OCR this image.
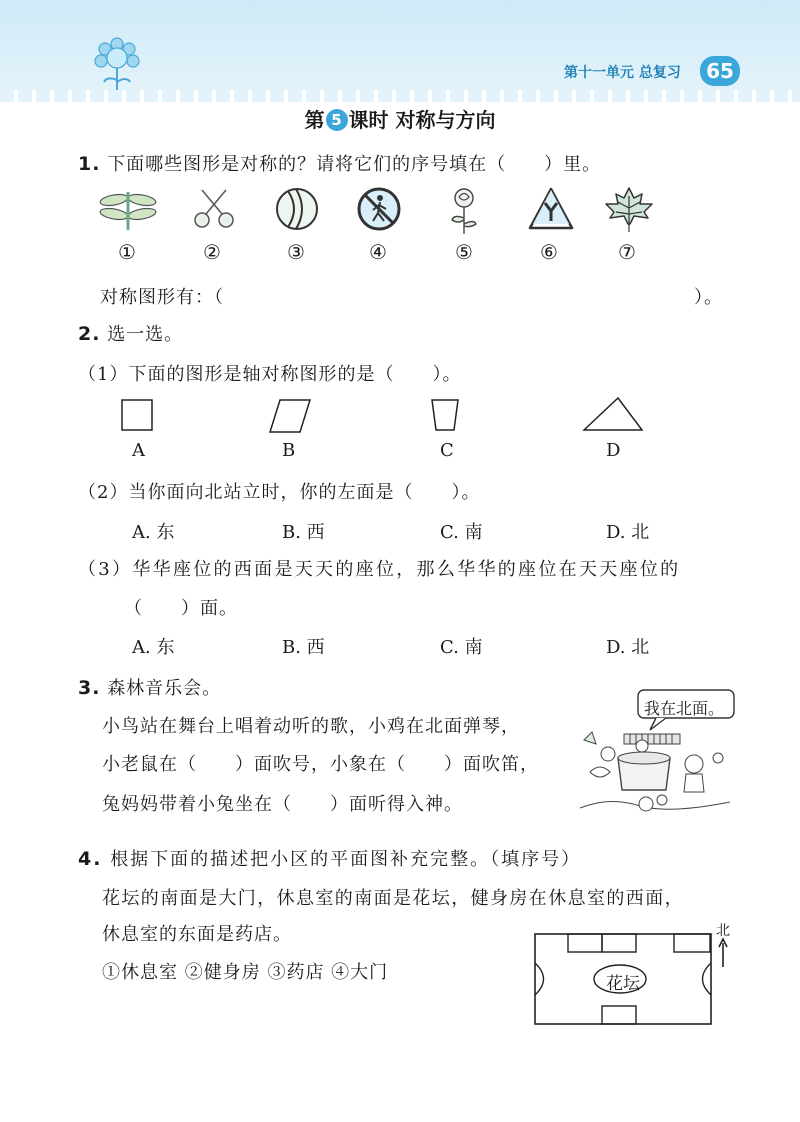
第十一单元 总复习	65
第 5 课时 对称与方向
1. 下面哪些图形是对称的？请将它们的序号填在（　　）里。
①	②	③	④	⑤	⑥	⑦
对称图形有：（	）。
2. 选一选。
（1）下面的图形是轴对称图形的是（　　）。
A	B	C	D
（2）当你面向北站立时，你的左面是（　　）。
A. 东	B. 西	C. 南	D. 北
（3）华华座位的西面是天天的座位，那么华华的座位在天天座位的
（　　）面。
A. 东	B. 西	C. 南	D. 北
3. 森林音乐会。
小鸟站在舞台上唱着动听的歌，小鸡在北面弹琴，
小老鼠在（　　）面吹号，小象在（　　）面吹笛，
兔妈妈带着小兔坐在（　　）面听得入神。
我在北面。
4. 根据下面的描述把小区的平面图补充完整。（填序号）
花坛的南面是大门，休息室的南面是花坛，健身房在休息室的西面，
休息室的东面是药店。
①休息室 ②健身房 ③药店 ④大门
花坛
北
